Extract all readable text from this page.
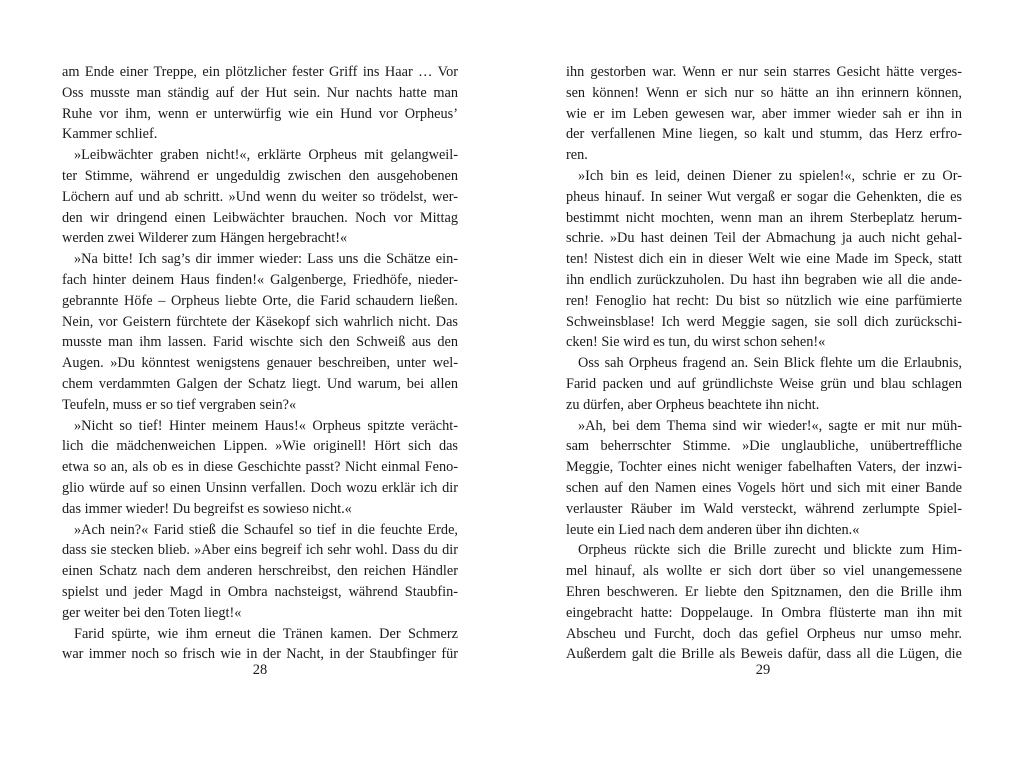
am Ende einer Treppe, ein plötzlicher fester Griff ins Haar … Vor
Oss musste man ständig auf der Hut sein. Nur nachts hatte man
Ruhe vor ihm, wenn er unterwürfig wie ein Hund vor Orpheus’
Kammer schlief.
»Leibwächter graben nicht!«, erklärte Orpheus mit gelangweil-
ter Stimme, während er ungeduldig zwischen den ausgehobenen
Löchern auf und ab schritt. »Und wenn du weiter so trödelst, wer-
den wir dringend einen Leibwächter brauchen. Noch vor Mittag
werden zwei Wilderer zum Hängen hergebracht!«
»Na bitte! Ich sag’s dir immer wieder: Lass uns die Schätze ein-
fach hinter deinem Haus finden!« Galgenberge, Friedhöfe, nieder-
gebrannte Höfe – Orpheus liebte Orte, die Farid schaudern ließen.
Nein, vor Geistern fürchtete der Käsekopf sich wahrlich nicht. Das
musste man ihm lassen. Farid wischte sich den Schweiß aus den
Augen. »Du könntest wenigstens genauer beschreiben, unter wel-
chem verdammten Galgen der Schatz liegt. Und warum, bei allen
Teufeln, muss er so tief vergraben sein?«
»Nicht so tief! Hinter meinem Haus!« Orpheus spitzte verächt-
lich die mädchenweichen Lippen. »Wie originell! Hört sich das
etwa so an, als ob es in diese Geschichte passt? Nicht einmal Feno-
glio würde auf so einen Unsinn verfallen. Doch wozu erklär ich dir
das immer wieder! Du begreifst es sowieso nicht.«
»Ach nein?« Farid stieß die Schaufel so tief in die feuchte Erde,
dass sie stecken blieb. »Aber eins begreif ich sehr wohl. Dass du dir
einen Schatz nach dem anderen herschreibst, den reichen Händler
spielst und jeder Magd in Ombra nachsteigst, während Staubfin-
ger weiter bei den Toten liegt!«
Farid spürte, wie ihm erneut die Tränen kamen. Der Schmerz
war immer noch so frisch wie in der Nacht, in der Staubfinger für
28
ihn gestorben war. Wenn er nur sein starres Gesicht hätte verges-
sen können! Wenn er sich nur so hätte an ihn erinnern können,
wie er im Leben gewesen war, aber immer wieder sah er ihn in
der verfallenen Mine liegen, so kalt und stumm, das Herz erfro-
ren.
»Ich bin es leid, deinen Diener zu spielen!«, schrie er zu Or-
pheus hinauf. In seiner Wut vergaß er sogar die Gehenkten, die es
bestimmt nicht mochten, wenn man an ihrem Sterbeplatz herum-
schrie. »Du hast deinen Teil der Abmachung ja auch nicht gehal-
ten! Nistest dich ein in dieser Welt wie eine Made im Speck, statt
ihn endlich zurückzuholen. Du hast ihn begraben wie all die ande-
ren! Fenoglio hat recht: Du bist so nützlich wie eine parfümierte
Schweinsblase! Ich werd Meggie sagen, sie soll dich zurückschi-
cken! Sie wird es tun, du wirst schon sehen!«
Oss sah Orpheus fragend an. Sein Blick flehte um die Erlaubnis,
Farid packen und auf gründlichste Weise grün und blau schlagen
zu dürfen, aber Orpheus beachtete ihn nicht.
»Ah, bei dem Thema sind wir wieder!«, sagte er mit nur müh-
sam beherrschter Stimme. »Die unglaubliche, unübertreffliche
Meggie, Tochter eines nicht weniger fabelhaften Vaters, der inzwi-
schen auf den Namen eines Vogels hört und sich mit einer Bande
verlauster Räuber im Wald versteckt, während zerlumpte Spiel-
leute ein Lied nach dem anderen über ihn dichten.«
Orpheus rückte sich die Brille zurecht und blickte zum Him-
mel hinauf, als wollte er sich dort über so viel unangemessene
Ehren beschweren. Er liebte den Spitznamen, den die Brille ihm
eingebracht hatte: Doppelauge. In Ombra flüsterte man ihn mit
Abscheu und Furcht, doch das gefiel Orpheus nur umso mehr.
Außerdem galt die Brille als Beweis dafür, dass all die Lügen, die
29
